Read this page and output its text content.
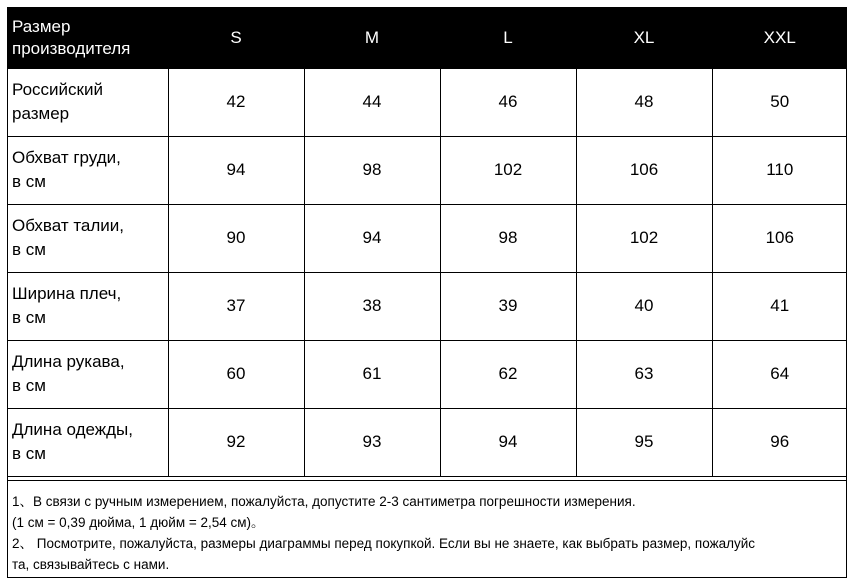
Размер
производителя	S	M	L	XL	XXL

Российский
размер	42	44	46	48	50

Обхват груди,
в см	94	98	102	106	110

Обхват талии,
в см	90	94	98	102	106

Ширина плеч,
в см	37	38	39	40	41

Длина рукава,
в см	60	61	62	63	64

Длина одежды,
в см	92	93	94	95	96
1、В связи с ручным измерением, пожалуйста, допустите 2-3 сантиметра погрешности измерения.
(1 см = 0,39 дюйма, 1 дюйм = 2,54 см)。
2、 Посмотрите, пожалуйста, размеры диаграммы перед покупкой. Если вы не знаете, как выбрать размер, пожалуйс
та, связывайтесь с нами.
